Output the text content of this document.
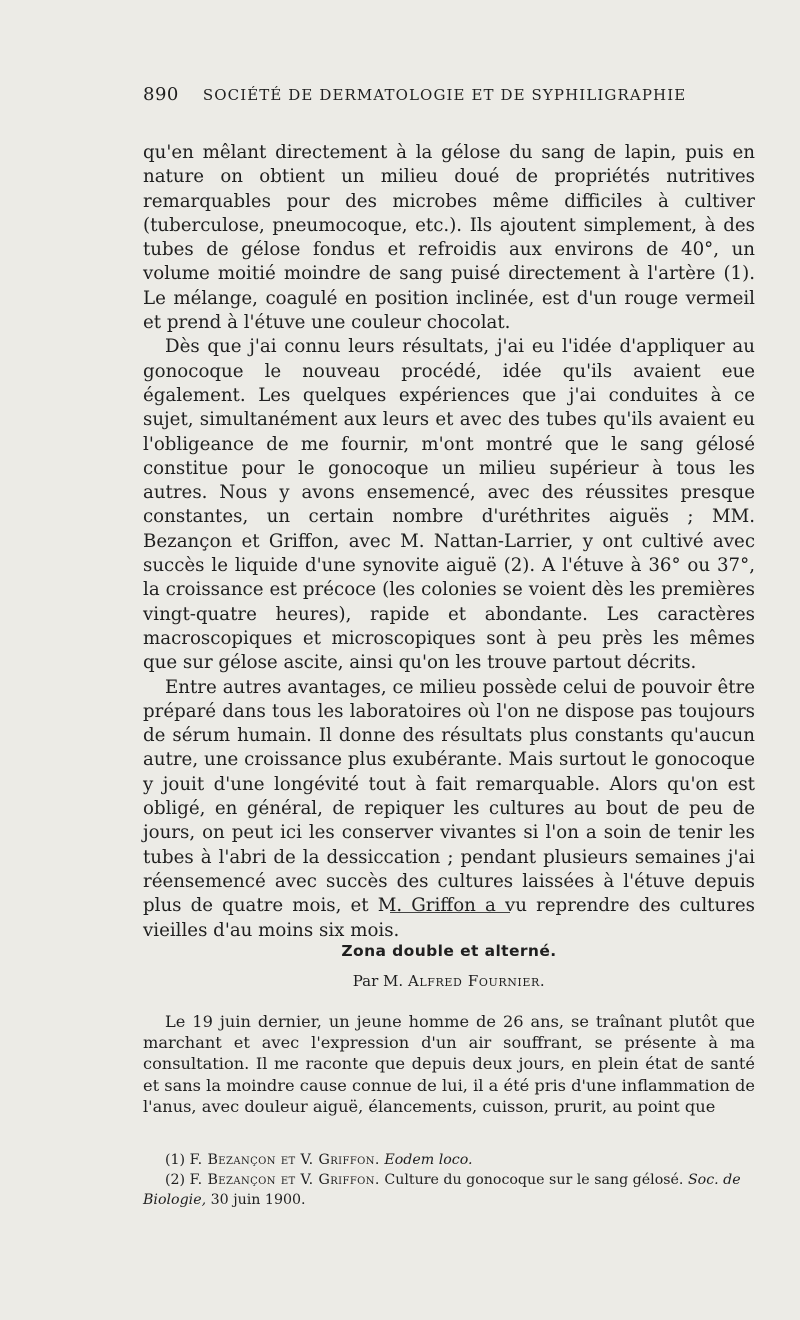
890 SOCIÉTÉ DE DERMATOLOGIE ET DE SYPHILIGRAPHIE

qu'en mêlant directement à la gélose du sang de lapin, puis en nature on obtient un milieu doué de propriétés nutritives remarquables pour des microbes même difficiles à cultiver (tuberculose, pneumocoque, etc.). Ils ajoutent simplement, à des tubes de gélose fondus et refroidis aux environs de 40°, un volume moitié moindre de sang puisé directement à l'artère (1). Le mélange, coagulé en position inclinée, est d'un rouge vermeil et prend à l'étuve une couleur chocolat.

Dès que j'ai connu leurs résultats, j'ai eu l'idée d'appliquer au gonocoque le nouveau procédé, idée qu'ils avaient eue également. Les quelques expériences que j'ai conduites à ce sujet, simultanément aux leurs et avec des tubes qu'ils avaient eu l'obligeance de me fournir, m'ont montré que le sang gélosé constitue pour le gonocoque un milieu supérieur à tous les autres. Nous y avons ensemencé, avec des réussites presque constantes, un certain nombre d'uréthrites aiguës ; MM. Bezançon et Griffon, avec M. Nattan-Larrier, y ont cultivé avec succès le liquide d'une synovite aiguë (2). A l'étuve à 36° ou 37°, la croissance est précoce (les colonies se voient dès les premières vingt-quatre heures), rapide et abondante. Les caractères macroscopiques et microscopiques sont à peu près les mêmes que sur gélose ascite, ainsi qu'on les trouve partout décrits.

Entre autres avantages, ce milieu possède celui de pouvoir être préparé dans tous les laboratoires où l'on ne dispose pas toujours de sérum humain. Il donne des résultats plus constants qu'aucun autre, une croissance plus exubérante. Mais surtout le gonocoque y jouit d'une longévité tout à fait remarquable. Alors qu'on est obligé, en général, de repiquer les cultures au bout de peu de jours, on peut ici les conserver vivantes si l'on a soin de tenir les tubes à l'abri de la dessiccation ; pendant plusieurs semaines j'ai réensemencé avec succès des cultures laissées à l'étuve depuis plus de quatre mois, et M. Griffon a vu reprendre des cultures vieilles d'au moins six mois.

Zona double et alterné.
Par M. Alfred Fournier.

Le 19 juin dernier, un jeune homme de 26 ans, se traînant plutôt que marchant et avec l'expression d'un air souffrant, se présente à ma consultation. Il me raconte que depuis deux jours, en plein état de santé et sans la moindre cause connue de lui, il a été pris d'une inflammation de l'anus, avec douleur aiguë, élancements, cuisson, prurit, au point que

(1) F. Bezançon et V. Griffon. Eodem loco.

(2) F. Bezançon et V. Griffon. Culture du gonocoque sur le sang gélosé. Soc. de Biologie, 30 juin 1900.
